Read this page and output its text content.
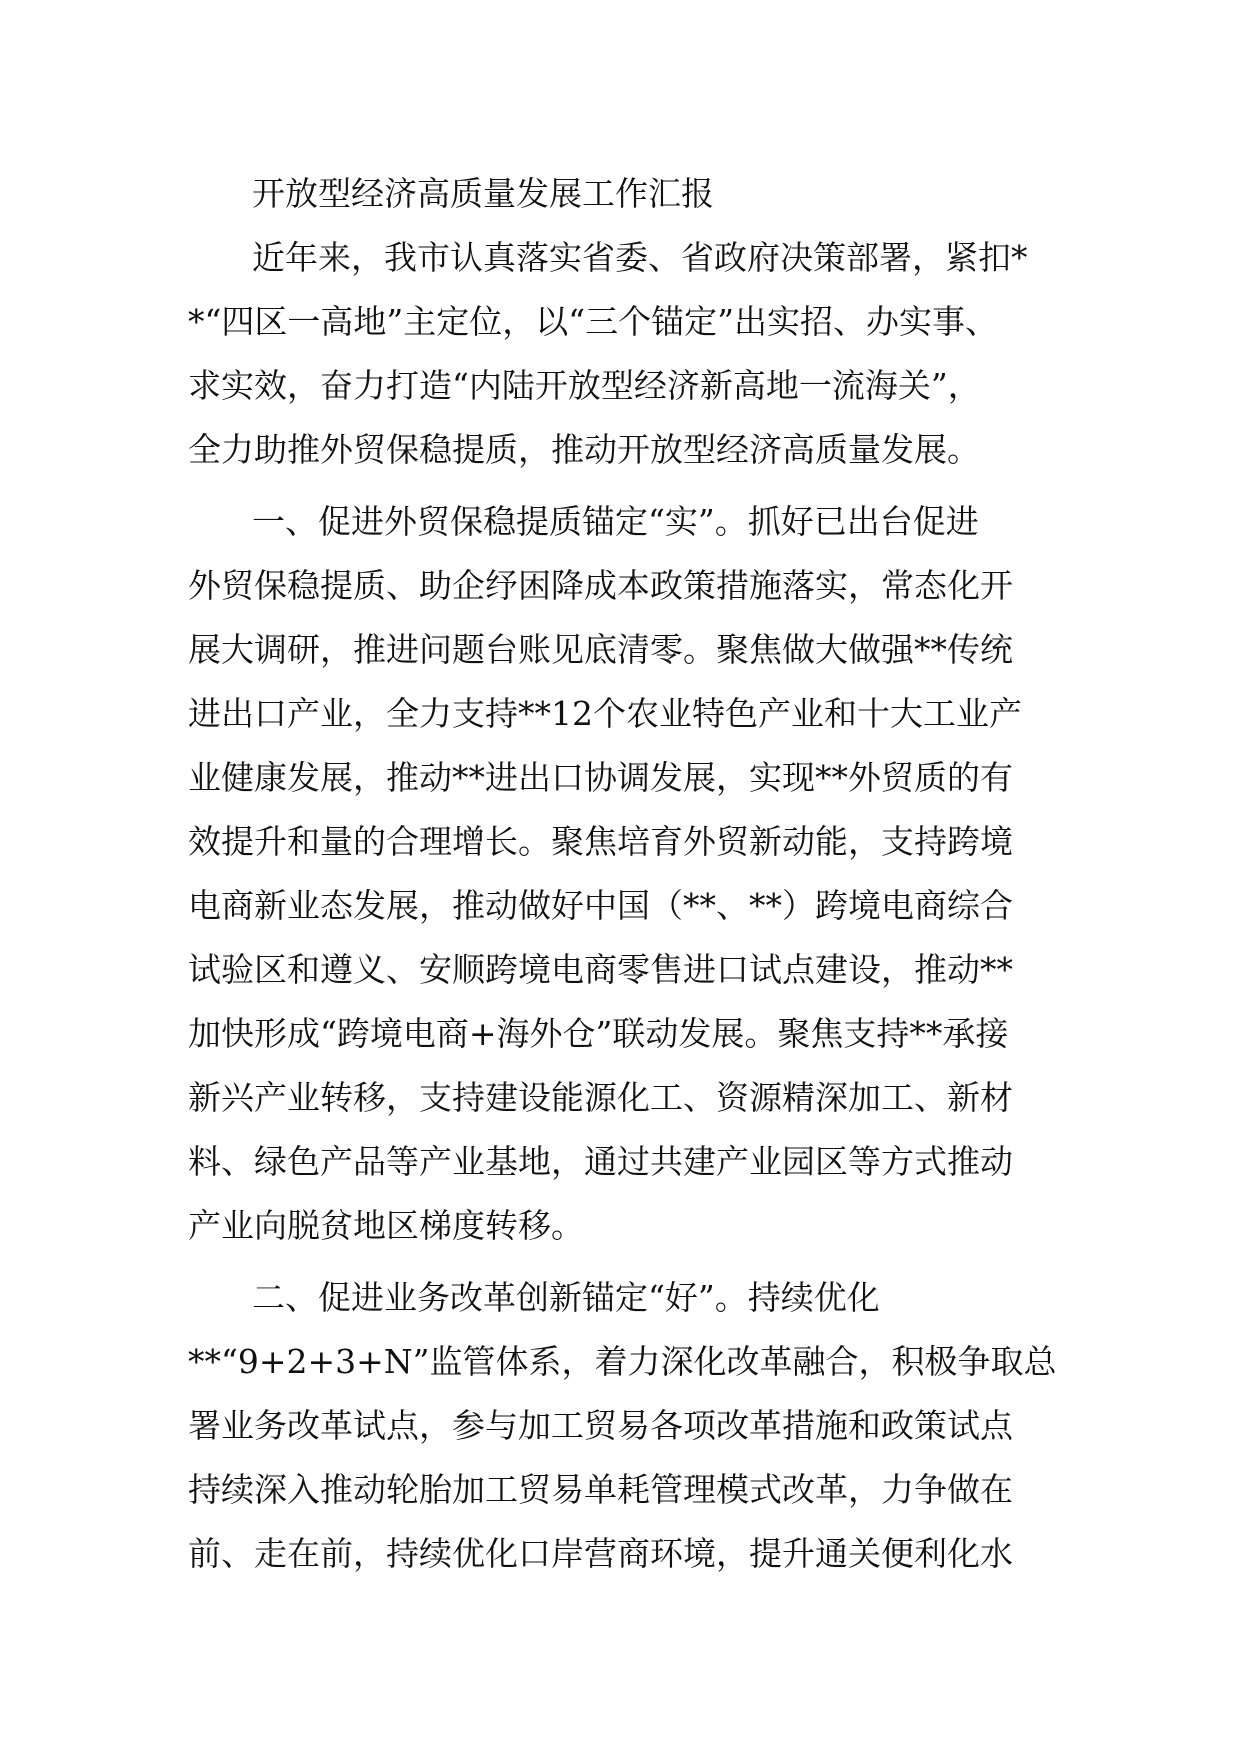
开放型经济高质量发展工作汇报
近年来，我市认真落实省委、省政府决策部署，紧扣*
*“四区一高地”主定位，以“三个锚定”出实招、办实事、
求实效，奋力打造“内陆开放型经济新高地一流海关”，
全力助推外贸保稳提质，推动开放型经济高质量发展。
一、促进外贸保稳提质锚定“实”。抓好已出台促进
外贸保稳提质、助企纾困降成本政策措施落实，常态化开
展大调研，推进问题台账见底清零。聚焦做大做强**传统
进出口产业，全力支持**12个农业特色产业和十大工业产
业健康发展，推动**进出口协调发展，实现**外贸质的有
效提升和量的合理增长。聚焦培育外贸新动能，支持跨境
电商新业态发展，推动做好中国（**、**）跨境电商综合
试验区和遵义、安顺跨境电商零售进口试点建设，推动**
加快形成“跨境电商+海外仓”联动发展。聚焦支持**承接
新兴产业转移，支持建设能源化工、资源精深加工、新材
料、绿色产品等产业基地，通过共建产业园区等方式推动
产业向脱贫地区梯度转移。
二、促进业务改革创新锚定“好”。持续优化
**“9+2+3+N”监管体系，着力深化改革融合，积极争取总
署业务改革试点，参与加工贸易各项改革措施和政策试点
持续深入推动轮胎加工贸易单耗管理模式改革，力争做在
前、走在前，持续优化口岸营商环境，提升通关便利化水
